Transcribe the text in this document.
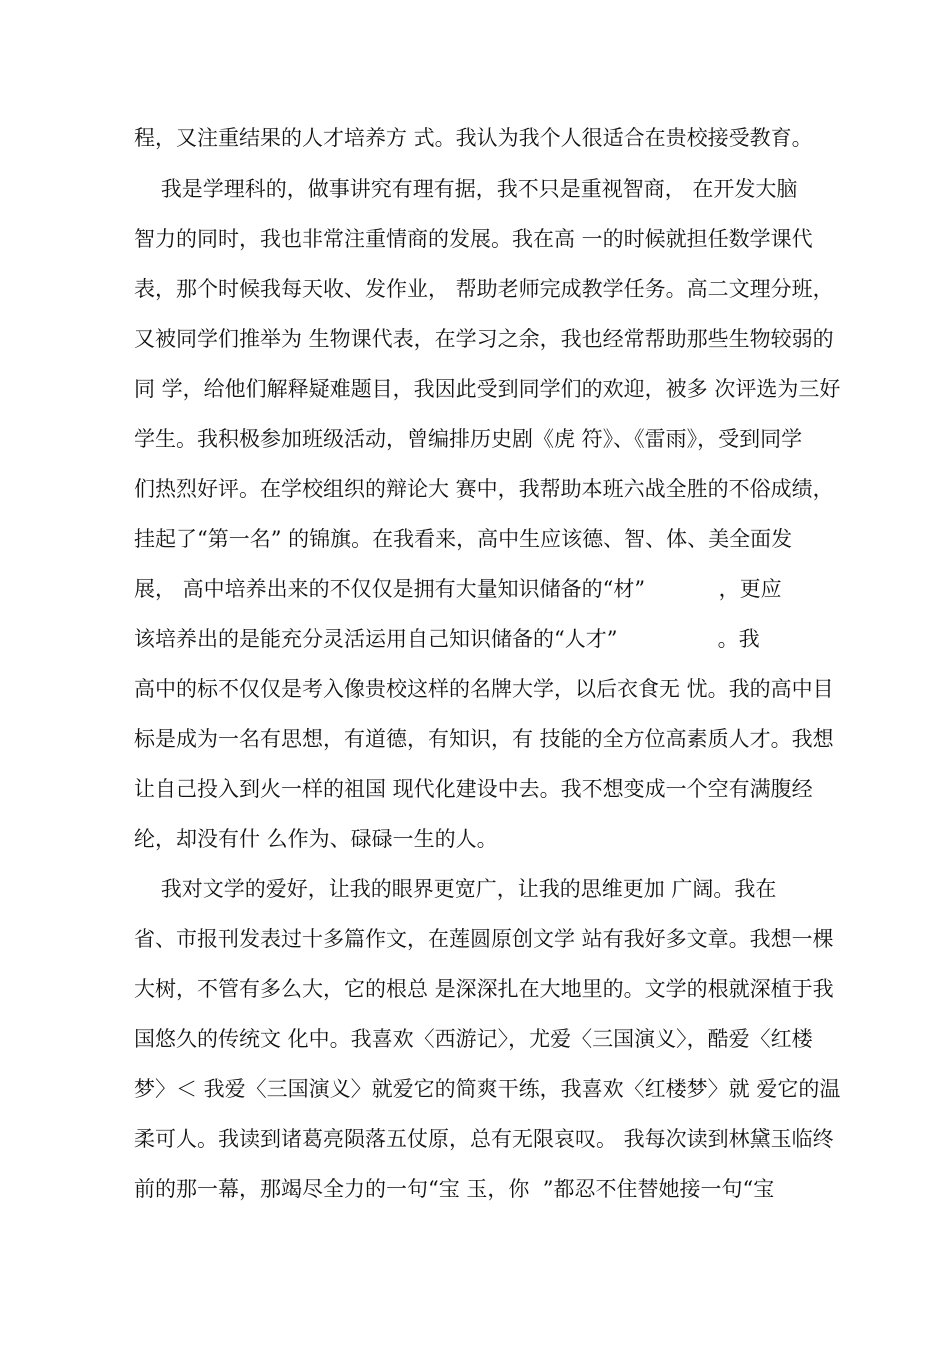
程，又注重结果的人才培养方 式。我认为我个人很适合在贵校接受教育。
我是学理科的，做事讲究有理有据，我不只是重视智商， 在开发大脑
智力的同时，我也非常注重情商的发展。我在高 一的时候就担任数学课代
表，那个时候我每天收、发作业， 帮助老师完成教学任务。高二文理分班，
又被同学们推举为 生物课代表，在学习之余，我也经常帮助那些生物较弱的
同 学，给他们解释疑难题目，我因此受到同学们的欢迎，被多 次评选为三好
学生。我积极参加班级活动，曾编排历史剧《虎 符》、《雷雨》，受到同学
们热烈好评。在学校组织的辩论大 赛中，我帮助本班六战全胜的不俗成绩，
挂起了“第一名” 的锦旗。在我看来，高中生应该德、智、体、美全面发
展， 高中培养出来的不仅仅是拥有大量知识储备的“材”           ，更应
该培养出的是能充分灵活运用自己知识储备的“人才”               。我
高中的标不仅仅是考入像贵校这样的名牌大学，以后衣食无 忧。我的高中目
标是成为一名有思想，有道德，有知识，有 技能的全方位高素质人才。我想
让自己投入到火一样的祖国 现代化建设中去。我不想变成一个空有满腹经
纶，却没有什 么作为、碌碌一生的人。
我对文学的爱好，让我的眼界更宽广，让我的思维更加 广阔。我在
省、市报刊发表过十多篇作文，在莲圆原创文学 站有我好多文章。我想一棵
大树，不管有多么大，它的根总 是深深扎在大地里的。文学的根就深植于我
国悠久的传统文 化中。我喜欢〈西游记〉，尤爱〈三国演义〉，酷爱〈红楼
梦〉＜ 我爱〈三国演义〉就爱它的简爽干练，我喜欢〈红楼梦〉就 爱它的温
柔可人。我读到诸葛亮陨落五仗原，总有无限哀叹。 我每次读到林黛玉临终
前的那一幕，那竭尽全力的一句“宝 玉，你  ”都忍不住替她接一句“宝
